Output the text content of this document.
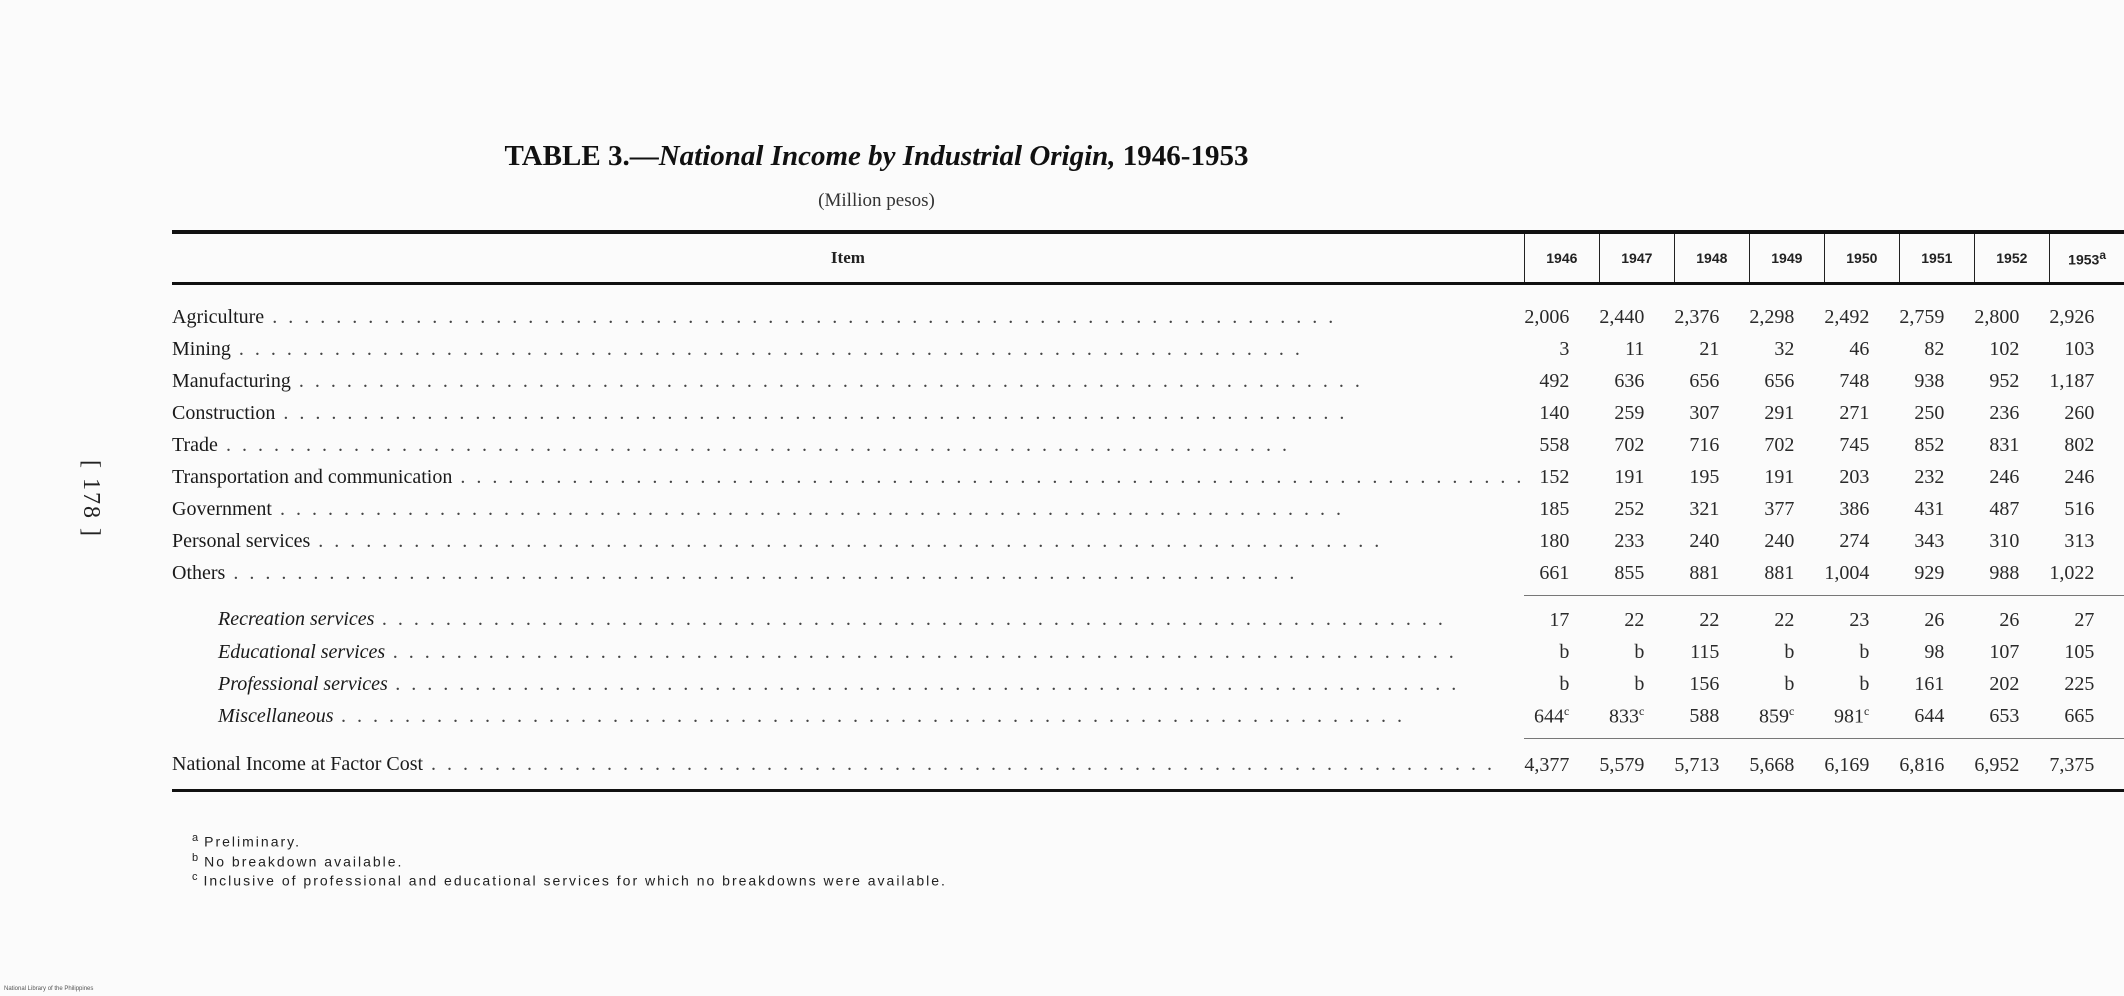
[ 178 ]
TABLE 3.—National Income by Industrial Origin, 1946-1953
(Million pesos)
Item	1946	1947	1948	1949	1950	1951	1952	1953$^a$
Agriculture . . . . . . . . . . . . . . . . . . . . . . . . . . . . . . . . . . . . . . . . . . . . . . . . . . . . . . . . . . . . . . . . . . .	2,006	2,440	2,376	2,298	2,492	2,759	2,800	2,926
Mining . . . . . . . . . . . . . . . . . . . . . . . . . . . . . . . . . . . . . . . . . . . . . . . . . . . . . . . . . . . . . . . . . . .	3	11	21	32	46	82	102	103
Manufacturing . . . . . . . . . . . . . . . . . . . . . . . . . . . . . . . . . . . . . . . . . . . . . . . . . . . . . . . . . . . . . . . . . . .	492	636	656	656	748	938	952	1,187
Construction . . . . . . . . . . . . . . . . . . . . . . . . . . . . . . . . . . . . . . . . . . . . . . . . . . . . . . . . . . . . . . . . . . .	140	259	307	291	271	250	236	260
Trade . . . . . . . . . . . . . . . . . . . . . . . . . . . . . . . . . . . . . . . . . . . . . . . . . . . . . . . . . . . . . . . . . . .	558	702	716	702	745	852	831	802
Transportation and communication . . . . . . . . . . . . . . . . . . . . . . . . . . . . . . . . . . . . . . . . . . . . . . . . . . . . . . . . . . . . . . . . . . .	152	191	195	191	203	232	246	246
Government . . . . . . . . . . . . . . . . . . . . . . . . . . . . . . . . . . . . . . . . . . . . . . . . . . . . . . . . . . . . . . . . . . .	185	252	321	377	386	431	487	516
Personal services . . . . . . . . . . . . . . . . . . . . . . . . . . . . . . . . . . . . . . . . . . . . . . . . . . . . . . . . . . . . . . . . . . .	180	233	240	240	274	343	310	313
Others . . . . . . . . . . . . . . . . . . . . . . . . . . . . . . . . . . . . . . . . . . . . . . . . . . . . . . . . . . . . . . . . . . .	661	855	881	881	1,004	929	988	1,022
Recreation services . . . . . . . . . . . . . . . . . . . . . . . . . . . . . . . . . . . . . . . . . . . . . . . . . . . . . . . . . . . . . . . . . . .	17	22	22	22	23	26	26	27
Educational services . . . . . . . . . . . . . . . . . . . . . . . . . . . . . . . . . . . . . . . . . . . . . . . . . . . . . . . . . . . . . . . . . . .	b	b	115	b	b	98	107	105
Professional services . . . . . . . . . . . . . . . . . . . . . . . . . . . . . . . . . . . . . . . . . . . . . . . . . . . . . . . . . . . . . . . . . . .	b	b	156	b	b	161	202	225
Miscellaneous . . . . . . . . . . . . . . . . . . . . . . . . . . . . . . . . . . . . . . . . . . . . . . . . . . . . . . . . . . . . . . . . . . .	644$^c$	833$^c$	588	859$^c$	981$^c$	644	653	665
National Income at Factor Cost . . . . . . . . . . . . . . . . . . . . . . . . . . . . . . . . . . . . . . . . . . . . . . . . . . . . . . . . . . . . . . . . . . .	4,377	5,579	5,713	5,668	6,169	6,816	6,952	7,375
$^a$ Preliminary.
$^b$ No breakdown available.
$^c$ Inclusive of professional and educational services for which no breakdowns were available.
National Library of the Philippines
